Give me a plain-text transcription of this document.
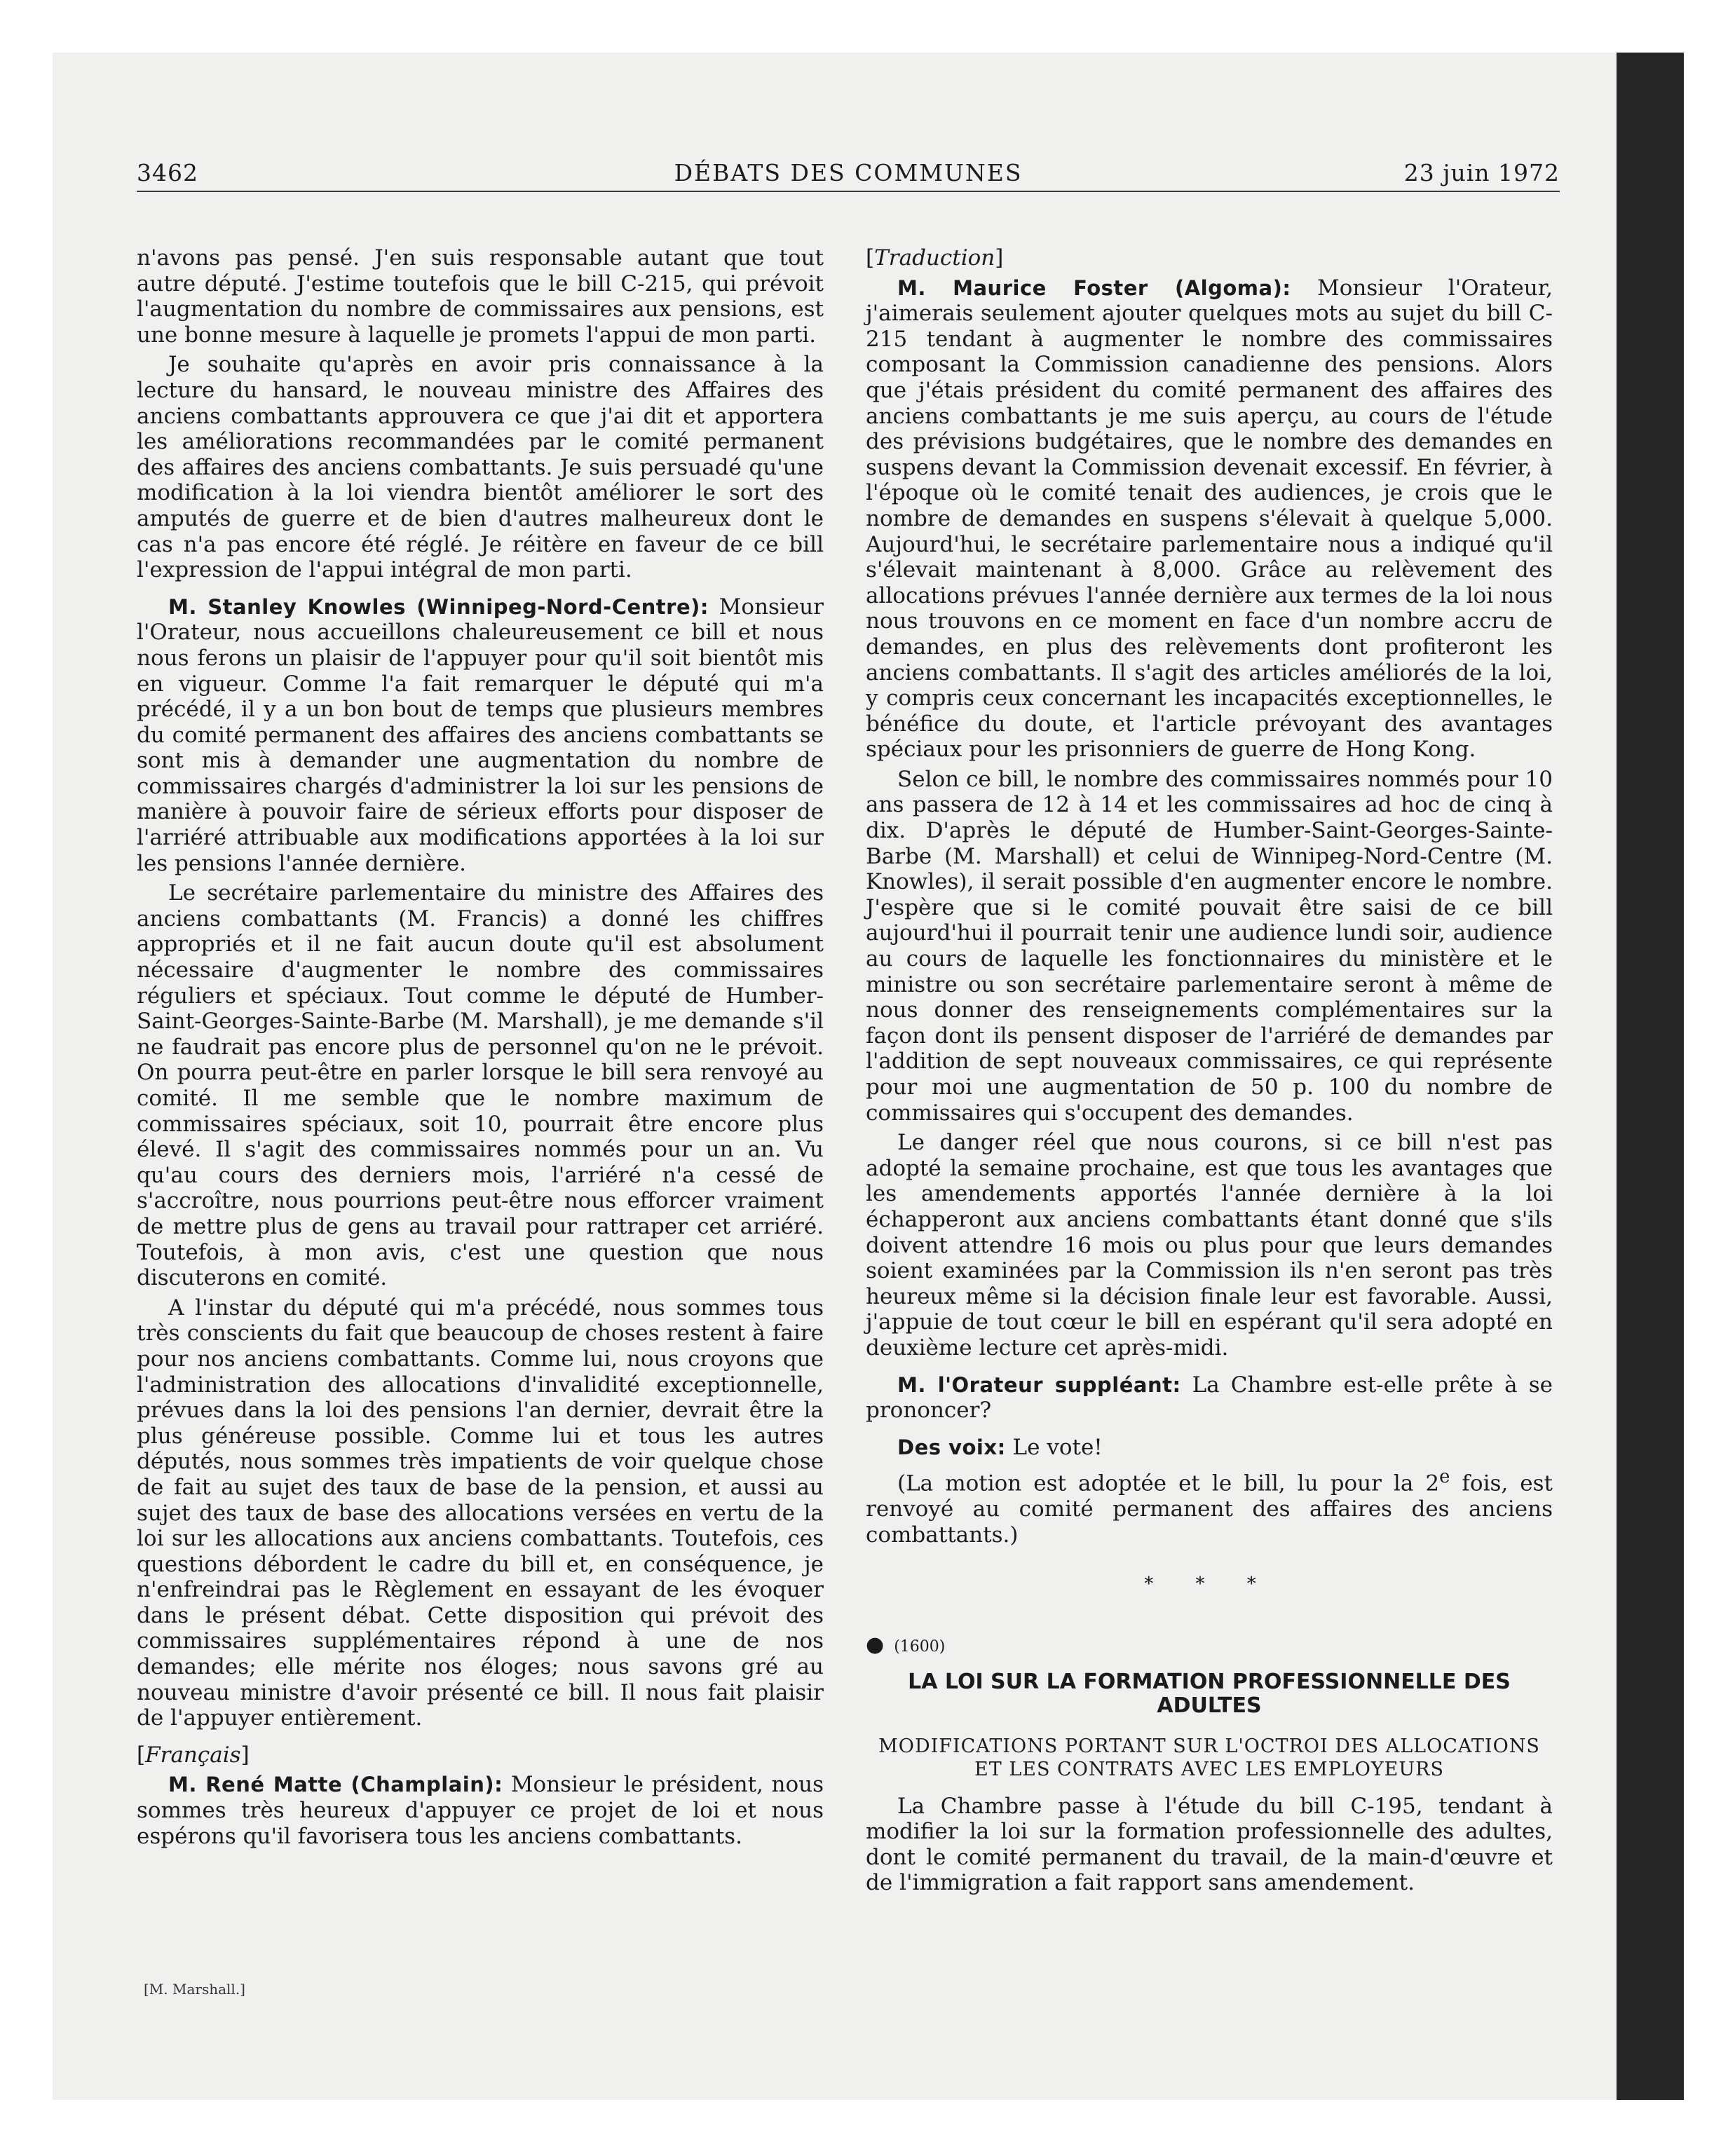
3462	DÉBATS DES COMMUNES	23 juin 1972

n'avons pas pensé. J'en suis responsable autant que tout autre député. J'estime toutefois que le bill C-215, qui prévoit l'augmentation du nombre de commissaires aux pensions, est une bonne mesure à laquelle je promets l'appui de mon parti.

Je souhaite qu'après en avoir pris connaissance à la lecture du hansard, le nouveau ministre des Affaires des anciens combattants approuvera ce que j'ai dit et apportera les améliorations recommandées par le comité permanent des affaires des anciens combattants. Je suis persuadé qu'une modification à la loi viendra bientôt améliorer le sort des amputés de guerre et de bien d'autres malheureux dont le cas n'a pas encore été réglé. Je réitère en faveur de ce bill l'expression de l'appui intégral de mon parti.

M. Stanley Knowles (Winnipeg-Nord-Centre): Monsieur l'Orateur, nous accueillons chaleureusement ce bill et nous nous ferons un plaisir de l'appuyer pour qu'il soit bientôt mis en vigueur. Comme l'a fait remarquer le député qui m'a précédé, il y a un bon bout de temps que plusieurs membres du comité permanent des affaires des anciens combattants se sont mis à demander une augmentation du nombre de commissaires chargés d'administrer la loi sur les pensions de manière à pouvoir faire de sérieux efforts pour disposer de l'arriéré attribuable aux modifications apportées à la loi sur les pensions l'année dernière.

Le secrétaire parlementaire du ministre des Affaires des anciens combattants (M. Francis) a donné les chiffres appropriés et il ne fait aucun doute qu'il est absolument nécessaire d'augmenter le nombre des commissaires réguliers et spéciaux. Tout comme le député de Humber-Saint-Georges-Sainte-Barbe (M. Marshall), je me demande s'il ne faudrait pas encore plus de personnel qu'on ne le prévoit. On pourra peut-être en parler lorsque le bill sera renvoyé au comité. Il me semble que le nombre maximum de commissaires spéciaux, soit 10, pourrait être encore plus élevé. Il s'agit des commissaires nommés pour un an. Vu qu'au cours des derniers mois, l'arriéré n'a cessé de s'accroître, nous pourrions peut-être nous efforcer vraiment de mettre plus de gens au travail pour rattraper cet arriéré. Toutefois, à mon avis, c'est une question que nous discuterons en comité.

A l'instar du député qui m'a précédé, nous sommes tous très conscients du fait que beaucoup de choses restent à faire pour nos anciens combattants. Comme lui, nous croyons que l'administration des allocations d'invalidité exceptionnelle, prévues dans la loi des pensions l'an dernier, devrait être la plus généreuse possible. Comme lui et tous les autres députés, nous sommes très impatients de voir quelque chose de fait au sujet des taux de base de la pension, et aussi au sujet des taux de base des allocations versées en vertu de la loi sur les allocations aux anciens combattants. Toutefois, ces questions débordent le cadre du bill et, en conséquence, je n'enfreindrai pas le Règlement en essayant de les évoquer dans le présent débat. Cette disposition qui prévoit des commissaires supplémentaires répond à une de nos demandes; elle mérite nos éloges; nous savons gré au nouveau ministre d'avoir présenté ce bill. Il nous fait plaisir de l'appuyer entièrement.

[Français]

M. René Matte (Champlain): Monsieur le président, nous sommes très heureux d'appuyer ce projet de loi et nous espérons qu'il favorisera tous les anciens combattants.

[M. Marshall.]

[Traduction]

M. Maurice Foster (Algoma): Monsieur l'Orateur, j'aimerais seulement ajouter quelques mots au sujet du bill C-215 tendant à augmenter le nombre des commissaires composant la Commission canadienne des pensions. Alors que j'étais président du comité permanent des affaires des anciens combattants je me suis aperçu, au cours de l'étude des prévisions budgétaires, que le nombre des demandes en suspens devant la Commission devenait excessif. En février, à l'époque où le comité tenait des audiences, je crois que le nombre de demandes en suspens s'élevait à quelque 5,000. Aujourd'hui, le secrétaire parlementaire nous a indiqué qu'il s'élevait maintenant à 8,000. Grâce au relèvement des allocations prévues l'année dernière aux termes de la loi nous nous trouvons en ce moment en face d'un nombre accru de demandes, en plus des relèvements dont profiteront les anciens combattants. Il s'agit des articles améliorés de la loi, y compris ceux concernant les incapacités exceptionnelles, le bénéfice du doute, et l'article prévoyant des avantages spéciaux pour les prisonniers de guerre de Hong Kong.

Selon ce bill, le nombre des commissaires nommés pour 10 ans passera de 12 à 14 et les commissaires ad hoc de cinq à dix. D'après le député de Humber-Saint-Georges-Sainte-Barbe (M. Marshall) et celui de Winnipeg-Nord-Centre (M. Knowles), il serait possible d'en augmenter encore le nombre. J'espère que si le comité pouvait être saisi de ce bill aujourd'hui il pourrait tenir une audience lundi soir, audience au cours de laquelle les fonctionnaires du ministère et le ministre ou son secrétaire parlementaire seront à même de nous donner des renseignements complémentaires sur la façon dont ils pensent disposer de l'arriéré de demandes par l'addition de sept nouveaux commissaires, ce qui représente pour moi une augmentation de 50 p. 100 du nombre de commissaires qui s'occupent des demandes.

Le danger réel que nous courons, si ce bill n'est pas adopté la semaine prochaine, est que tous les avantages que les amendements apportés l'année dernière à la loi échapperont aux anciens combattants étant donné que s'ils doivent attendre 16 mois ou plus pour que leurs demandes soient examinées par la Commission ils n'en seront pas très heureux même si la décision finale leur est favorable. Aussi, j'appuie de tout cœur le bill en espérant qu'il sera adopté en deuxième lecture cet après-midi.

M. l'Orateur suppléant: La Chambre est-elle prête à se prononcer?

Des voix: Le vote!

(La motion est adoptée et le bill, lu pour la 2e fois, est renvoyé au comité permanent des affaires des anciens combattants.)

* * *

● (1600)

LA LOI SUR LA FORMATION PROFESSIONNELLE DES ADULTES

MODIFICATIONS PORTANT SUR L'OCTROI DES ALLOCATIONS ET LES CONTRATS AVEC LES EMPLOYEURS

La Chambre passe à l'étude du bill C-195, tendant à modifier la loi sur la formation professionnelle des adultes, dont le comité permanent du travail, de la main-d'œuvre et de l'immigration a fait rapport sans amendement.
